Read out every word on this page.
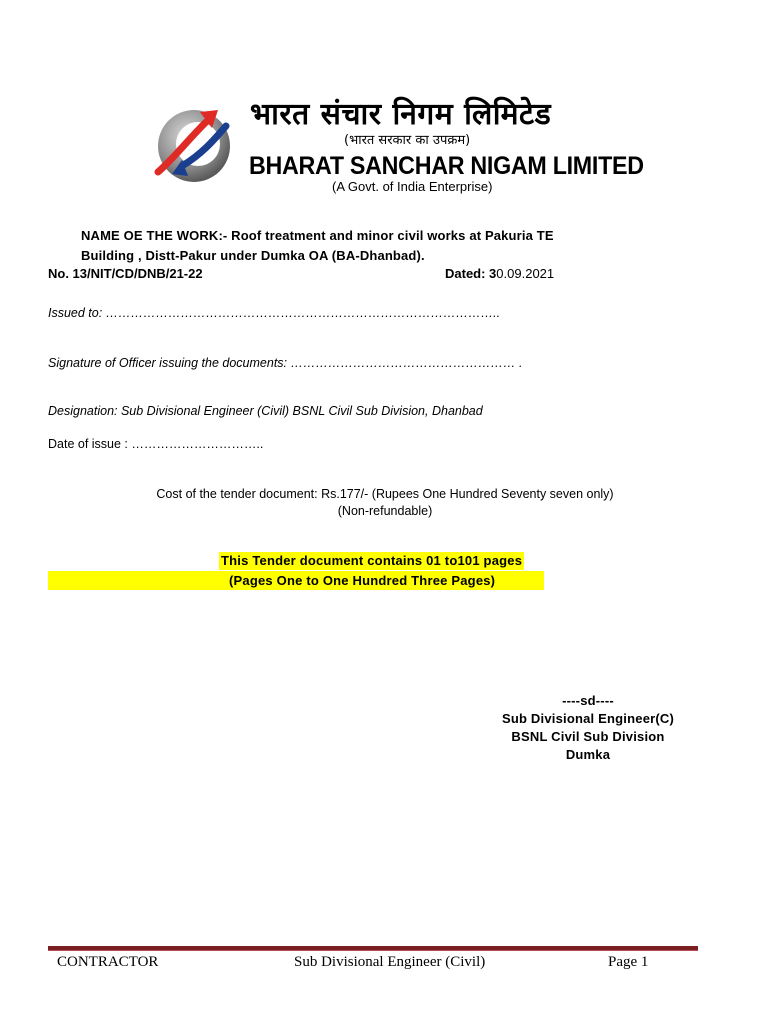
भारत संचार निगम लिमिटेड
(भारत सरकार का उपक्रम)
BHARAT SANCHAR NIGAM LIMITED
(A Govt. of India Enterprise)
NAME OE THE WORK:- Roof treatment and minor civil works at Pakuria TE
Building , Distt-Pakur under Dumka OA (BA-Dhanbad).
No. 13/NIT/CD/DNB/21-22	Dated: 30.09.2021
Issued to: …………………………………………………………………………………..
Signature of Officer issuing the documents: ……………………………………………… .
Designation: Sub Divisional Engineer (Civil) BSNL Civil Sub Division, Dhanbad
Date of issue : …………………………..
Cost of the tender document: Rs.177/- (Rupees One Hundred Seventy seven only)
(Non-refundable)
This Tender document contains 01 to101 pages
(Pages One to One Hundred Three Pages)
----sd----
Sub Divisional Engineer(C)
BSNL Civil Sub Division
Dumka
CONTRACTOR	Sub Divisional Engineer (Civil)	Page 1
